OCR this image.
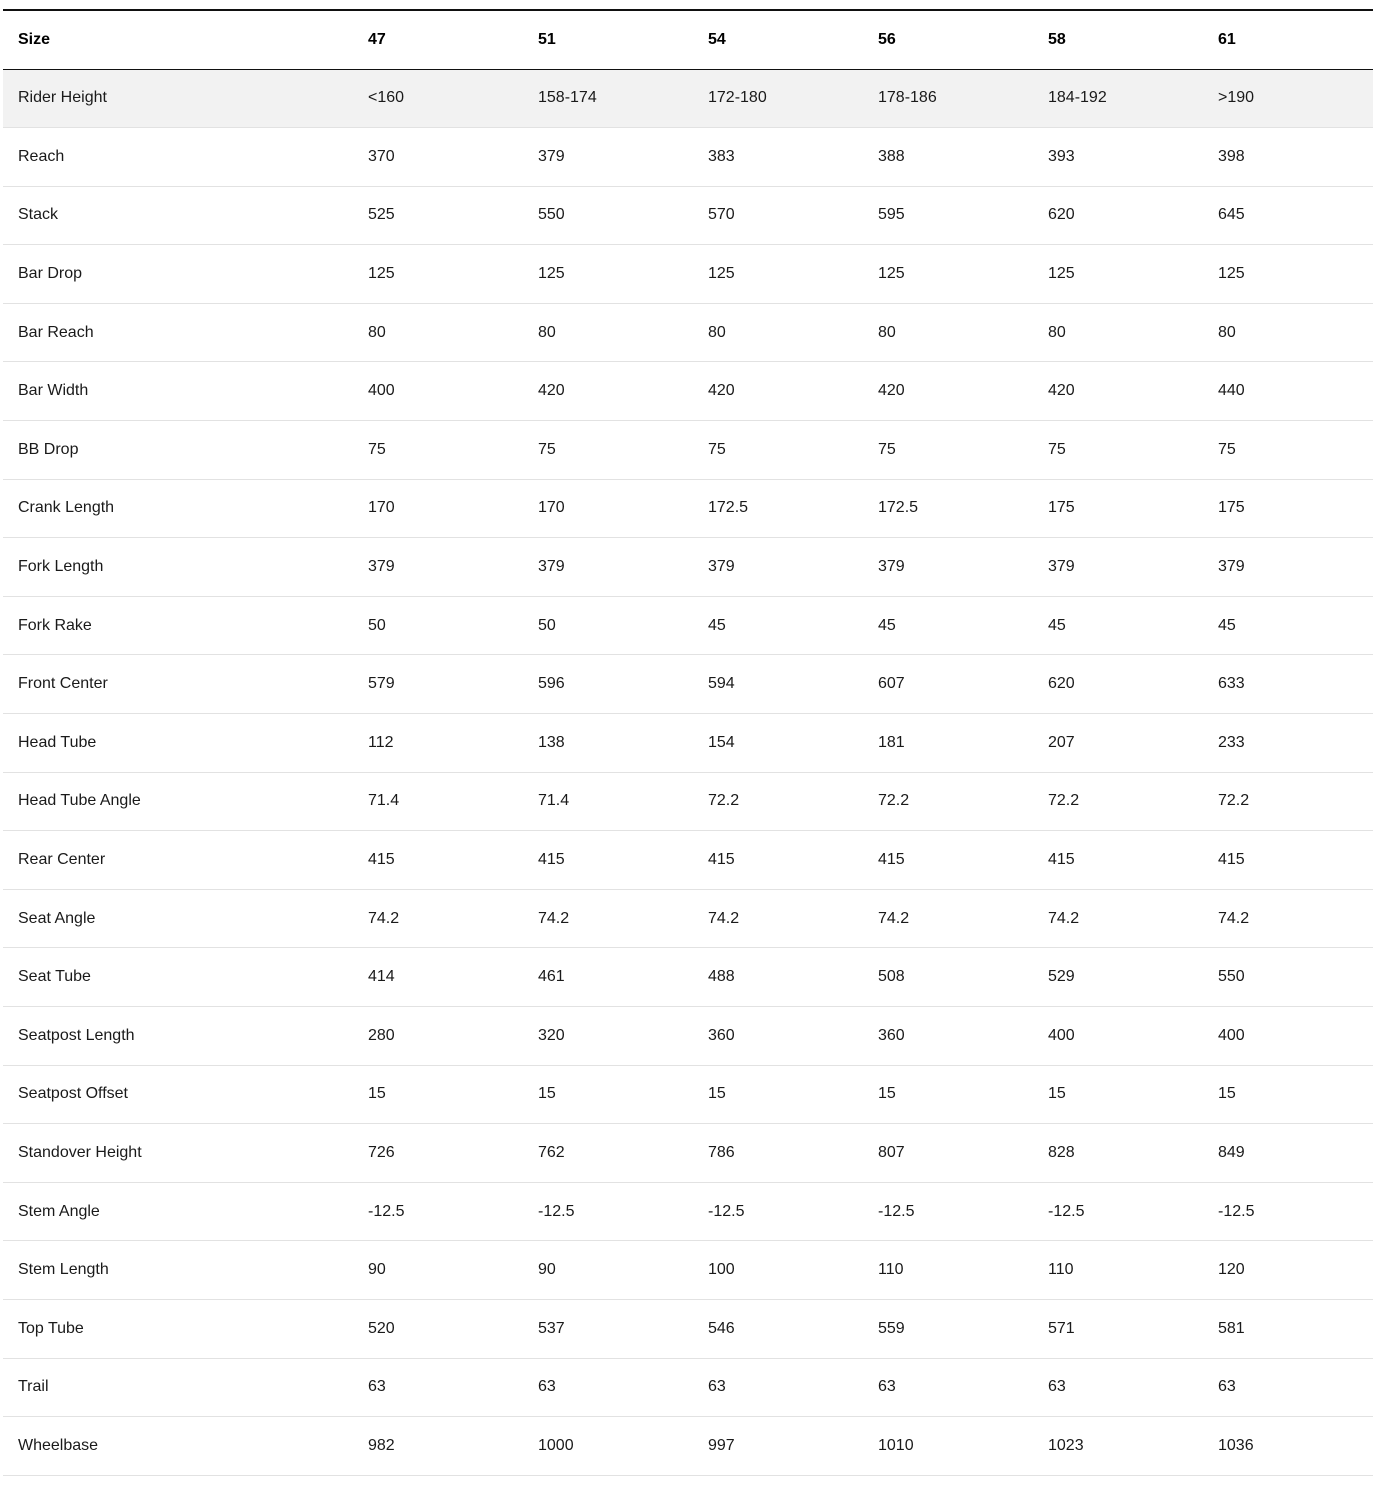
Size	47	51	54	56	58	61
Rider Height	<160	158-174	172-180	178-186	184-192	>190
Reach	370	379	383	388	393	398
Stack	525	550	570	595	620	645
Bar Drop	125	125	125	125	125	125
Bar Reach	80	80	80	80	80	80
Bar Width	400	420	420	420	420	440
BB Drop	75	75	75	75	75	75
Crank Length	170	170	172.5	172.5	175	175
Fork Length	379	379	379	379	379	379
Fork Rake	50	50	45	45	45	45
Front Center	579	596	594	607	620	633
Head Tube	112	138	154	181	207	233
Head Tube Angle	71.4	71.4	72.2	72.2	72.2	72.2
Rear Center	415	415	415	415	415	415
Seat Angle	74.2	74.2	74.2	74.2	74.2	74.2
Seat Tube	414	461	488	508	529	550
Seatpost Length	280	320	360	360	400	400
Seatpost Offset	15	15	15	15	15	15
Standover Height	726	762	786	807	828	849
Stem Angle	-12.5	-12.5	-12.5	-12.5	-12.5	-12.5
Stem Length	90	90	100	110	110	120
Top Tube	520	537	546	559	571	581
Trail	63	63	63	63	63	63
Wheelbase	982	1000	997	1010	1023	1036
